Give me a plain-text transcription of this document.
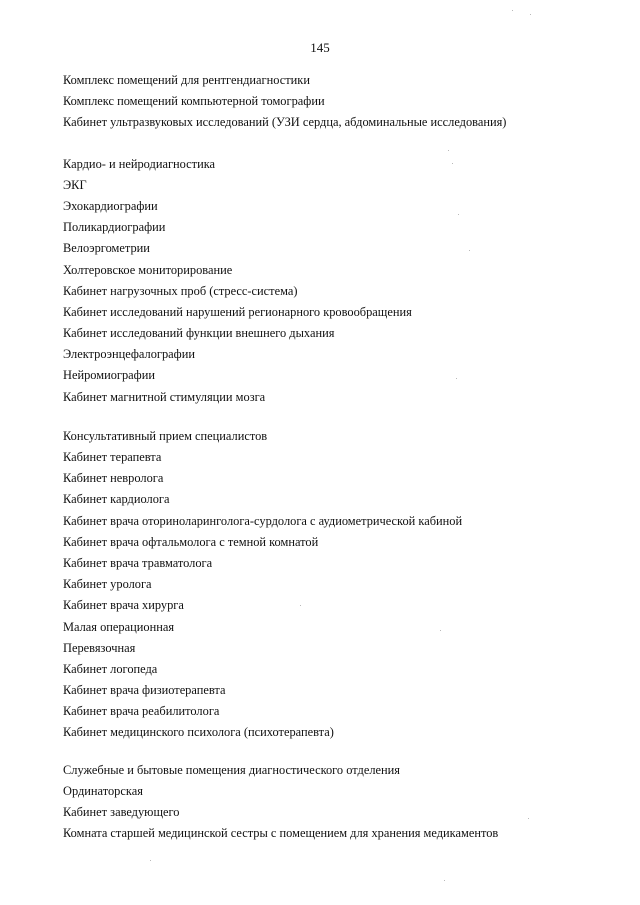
145
Комплекс помещений для рентгендиагностики
Комплекс помещений компьютерной томографии
Кабинет ультразвуковых исследований (УЗИ сердца, абдоминальные исследования)
Кардио- и нейродиагностика
ЭКГ
Эхокардиографии
Поликардиографии
Велоэргометрии
Холтеровское мониторирование
Кабинет нагрузочных проб (стресс-система)
Кабинет исследований нарушений регионарного кровообращения
Кабинет исследований функции внешнего дыхания
Электроэнцефалографии
Нейромиографии
Кабинет магнитной стимуляции мозга
Консультативный прием специалистов
Кабинет терапевта
Кабинет невролога
Кабинет кардиолога
Кабинет врача оториноларинголога-сурдолога с аудиометрической кабиной
Кабинет врача офтальмолога с темной комнатой
Кабинет врача травматолога
Кабинет уролога
Кабинет врача хирурга
Малая операционная
Перевязочная
Кабинет логопеда
Кабинет врача физиотерапевта
Кабинет врача реабилитолога
Кабинет медицинского психолога (психотерапевта)
Служебные и бытовые помещения диагностического отделения
Ординаторская
Кабинет заведующего
Комната старшей медицинской сестры с помещением для хранения медикаментов
